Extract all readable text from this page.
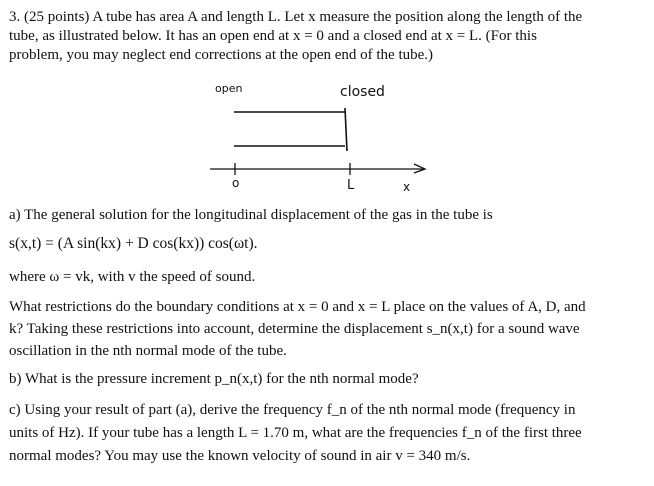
3. (25 points) A tube has area A and length L. Let x measure the position along the length of the
tube, as illustrated below. It has an open end at x = 0 and a closed end at x = L. (For this
problem, you may neglect end corrections at the open end of the tube.)
open	closed
o	L	x
a) The general solution for the longitudinal displacement of the gas in the tube is
s(x,t) = (A sin(kx) + D cos(kx)) cos(ωt).
where ω = vk, with v the speed of sound.
What restrictions do the boundary conditions at x = 0 and x = L place on the values of A, D, and
k? Taking these restrictions into account, determine the displacement s_n(x,t) for a sound wave
oscillation in the nth normal mode of the tube.
b) What is the pressure increment p_n(x,t) for the nth normal mode?
c) Using your result of part (a), derive the frequency f_n of the nth normal mode (frequency in
units of Hz). If your tube has a length L = 1.70 m, what are the frequencies f_n of the first three
normal modes? You may use the known velocity of sound in air v = 340 m/s.
